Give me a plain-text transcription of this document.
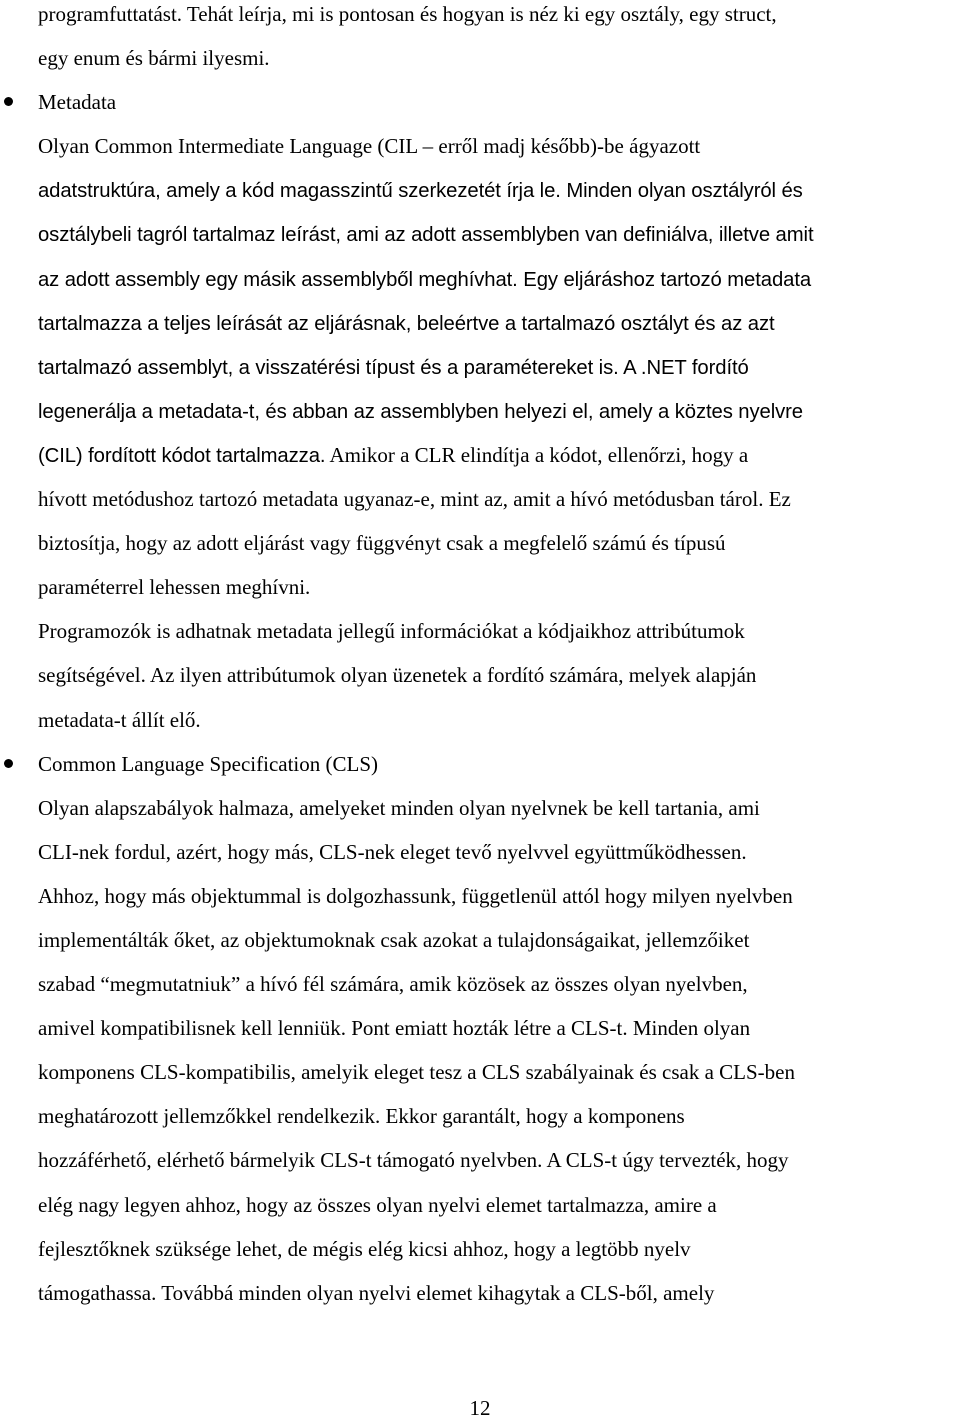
programfuttatást. Tehát leírja, mi is pontosan és hogyan is néz ki egy osztály, egy struct,
egy enum és bármi ilyesmi.
Metadata
Olyan Common Intermediate Language (CIL – erről madj később)-be ágyazott
adatstruktúra, amely a kód magasszintű szerkezetét írja le. Minden olyan osztályról és
osztálybeli tagról tartalmaz leírást, ami az adott assemblyben van definiálva, illetve amit
az adott assembly egy másik assemblyből meghívhat. Egy eljáráshoz tartozó metadata
tartalmazza a teljes leírását az eljárásnak, beleértve a tartalmazó osztályt és az azt
tartalmazó assemblyt, a visszatérési típust és a paramétereket is. A .NET fordító
legenerálja a metadata-t, és abban az assemblyben helyezi el, amely a köztes nyelvre
(CIL) fordított kódot tartalmazza. Amikor a CLR elindítja a kódot, ellenőrzi, hogy a
hívott metódushoz tartozó metadata ugyanaz-e, mint az, amit a hívó metódusban tárol. Ez
biztosítja, hogy az adott eljárást vagy függvényt csak a megfelelő számú és típusú
paraméterrel lehessen meghívni.
Programozók is adhatnak metadata jellegű információkat a kódjaikhoz attribútumok
segítségével. Az ilyen attribútumok olyan üzenetek a fordító számára, melyek alapján
metadata-t állít elő.
Common Language Specification (CLS)
Olyan alapszabályok halmaza, amelyeket minden olyan nyelvnek be kell tartania, ami
CLI-nek fordul, azért, hogy más, CLS-nek eleget tevő nyelvvel együttműködhessen.
Ahhoz, hogy más objektummal is dolgozhassunk, függetlenül attól hogy milyen nyelvben
implementálták őket, az objektumoknak csak azokat a tulajdonságaikat, jellemzőiket
szabad “megmutatniuk” a hívó fél számára, amik közösek az összes olyan nyelvben,
amivel kompatibilisnek kell lenniük. Pont emiatt hozták létre a CLS-t. Minden olyan
komponens CLS-kompatibilis, amelyik eleget tesz a CLS szabályainak és csak a CLS-ben
meghatározott jellemzőkkel rendelkezik. Ekkor garantált, hogy a komponens
hozzáférhető, elérhető bármelyik CLS-t támogató nyelvben. A CLS-t úgy tervezték, hogy
elég nagy legyen ahhoz, hogy az összes olyan nyelvi elemet tartalmazza, amire a
fejlesztőknek szüksége lehet, de mégis elég kicsi ahhoz, hogy a legtöbb nyelv
támogathassa. Továbbá minden olyan nyelvi elemet kihagytak a CLS-ből, amely
12
